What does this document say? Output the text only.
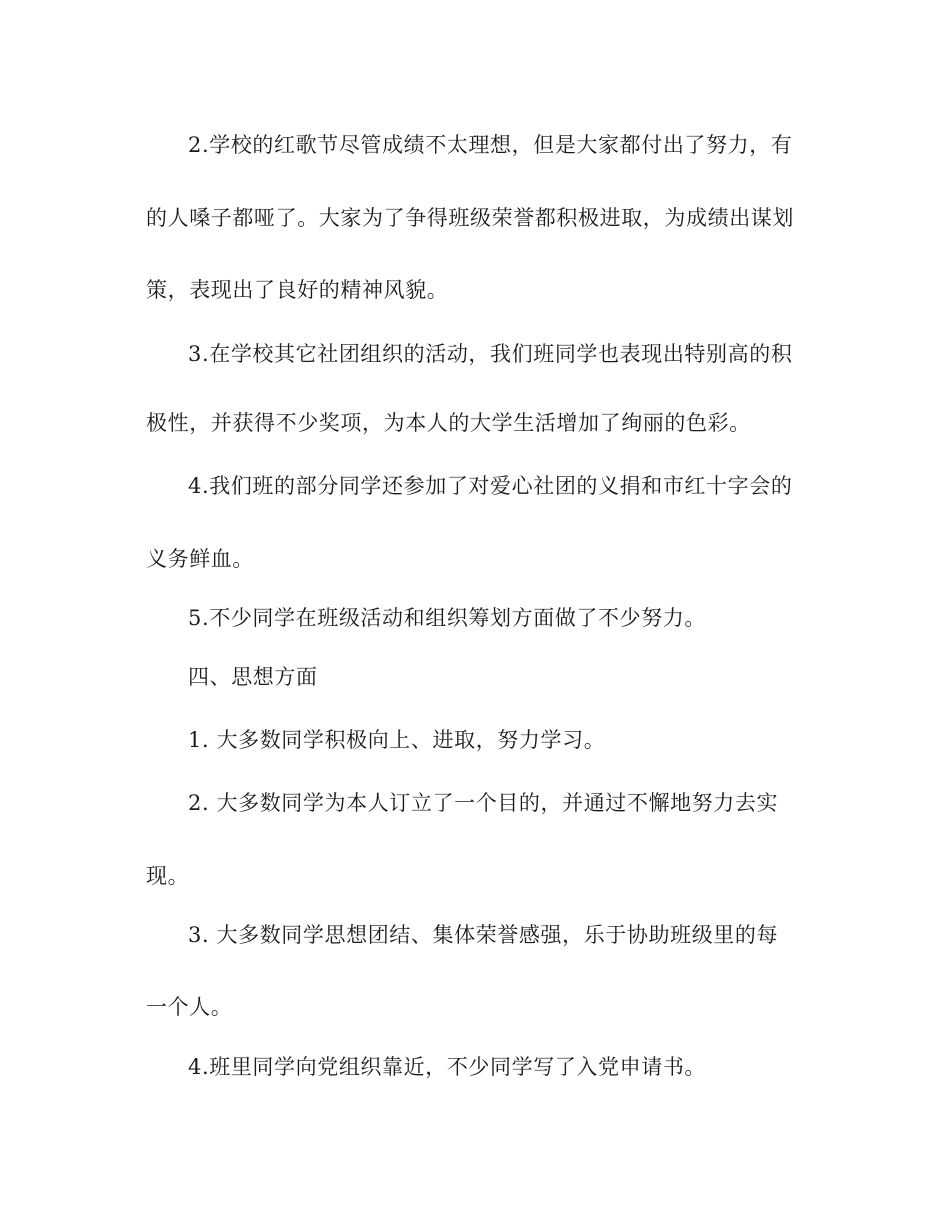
2.学校的红歌节尽管成绩不太理想，但是大家都付出了努力，有
的人嗓子都哑了。大家为了争得班级荣誉都积极进取，为成绩出谋划
策，表现出了良好的精神风貌。
3.在学校其它社团组织的活动，我们班同学也表现出特别高的积
极性，并获得不少奖项，为本人的大学生活增加了绚丽的色彩。
4.我们班的部分同学还参加了对爱心社团的义捐和市红十字会的
义务鲜血。
5.不少同学在班级活动和组织筹划方面做了不少努力。
四、思想方面
1. 大多数同学积极向上、进取，努力学习。
2. 大多数同学为本人订立了一个目的，并通过不懈地努力去实
现。
3. 大多数同学思想团结、集体荣誉感强，乐于协助班级里的每
一个人。
4.班里同学向党组织靠近，不少同学写了入党申请书。
